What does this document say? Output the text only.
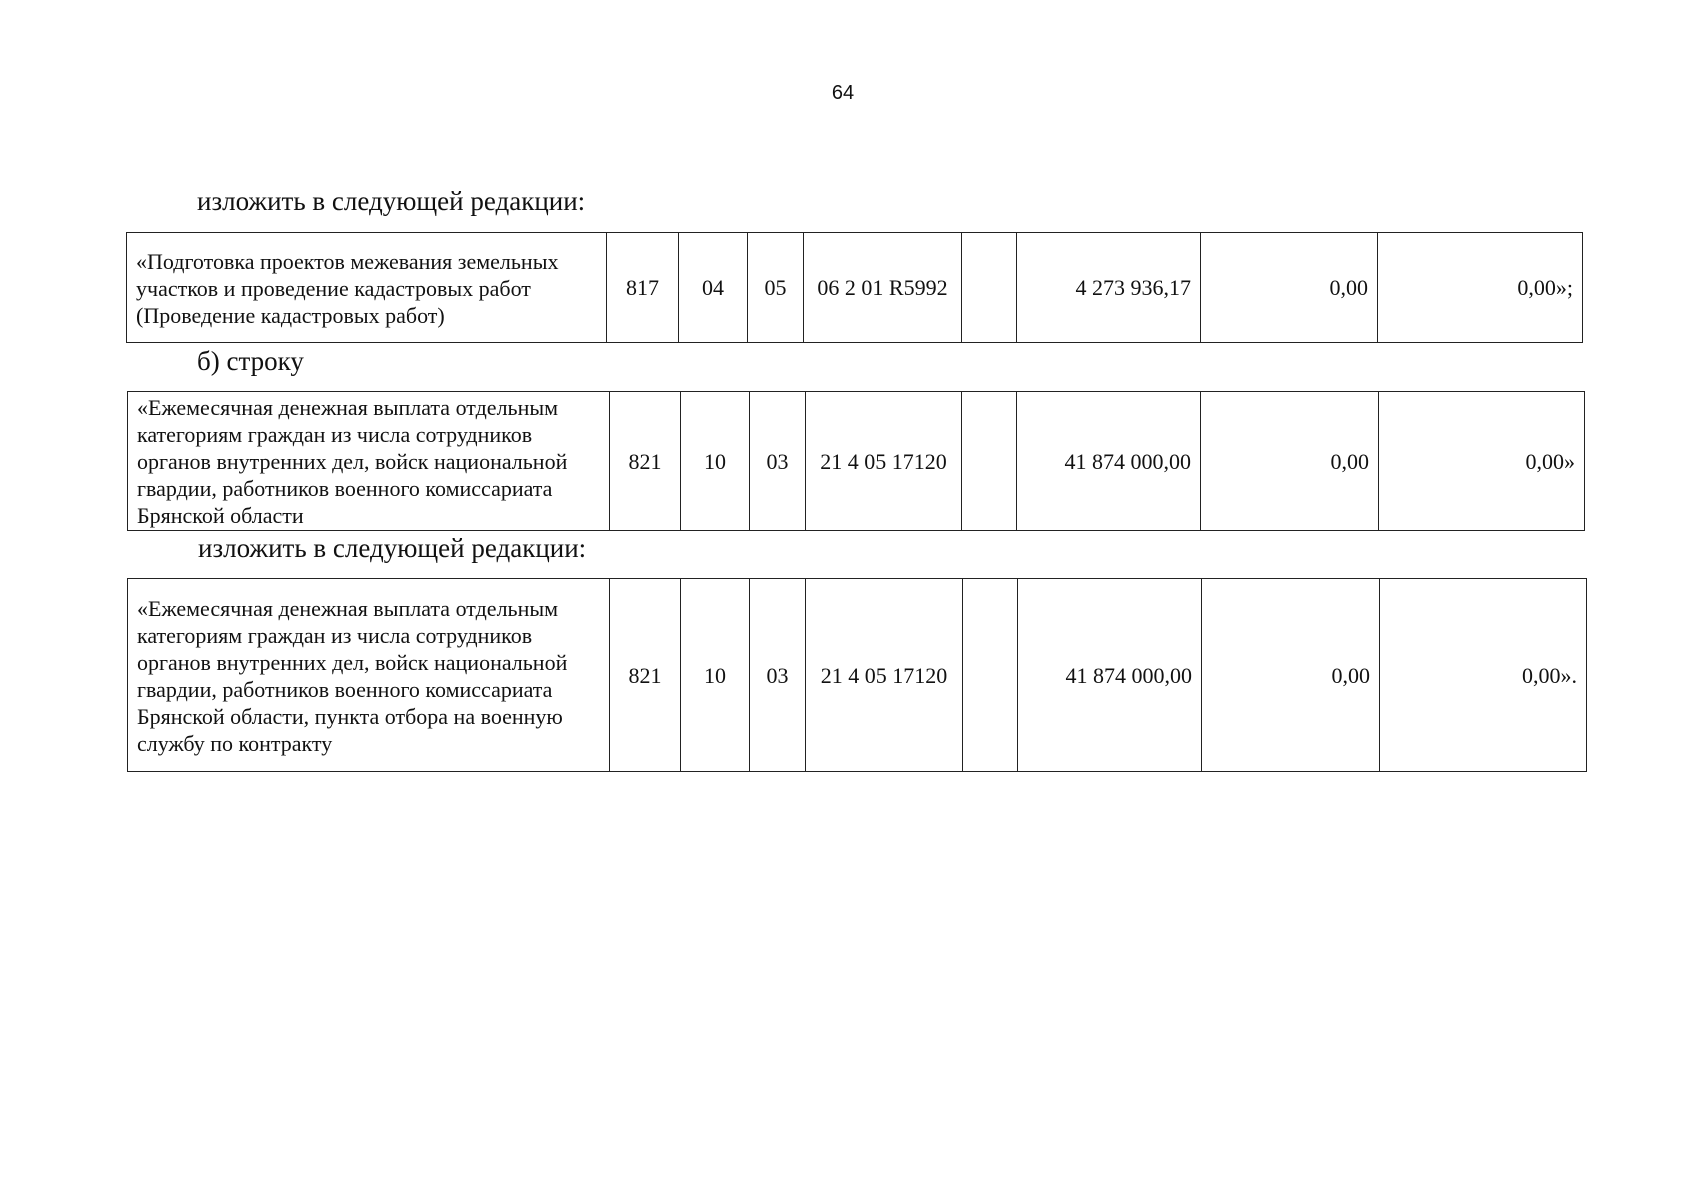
64
изложить в следующей редакции:
«Подготовка проектов межевания земельных участков и проведение кадастровых работ (Проведение кадастровых работ)	817	04	05	06 2 01 R5992		4 273 936,17	0,00	0,00»;
б) строку
«Ежемесячная денежная выплата отдельным категориям граждан из числа сотрудников органов внутренних дел, войск национальной гвардии, работников военного комиссариата Брянской области	821	10	03	21 4 05 17120		41 874 000,00	0,00	0,00»
изложить в следующей редакции:
«Ежемесячная денежная выплата отдельным категориям граждан из числа сотрудников органов внутренних дел, войск национальной гвардии, работников военного комиссариата Брянской области, пункта отбора на военную службу по контракту	821	10	03	21 4 05 17120		41 874 000,00	0,00	0,00».
